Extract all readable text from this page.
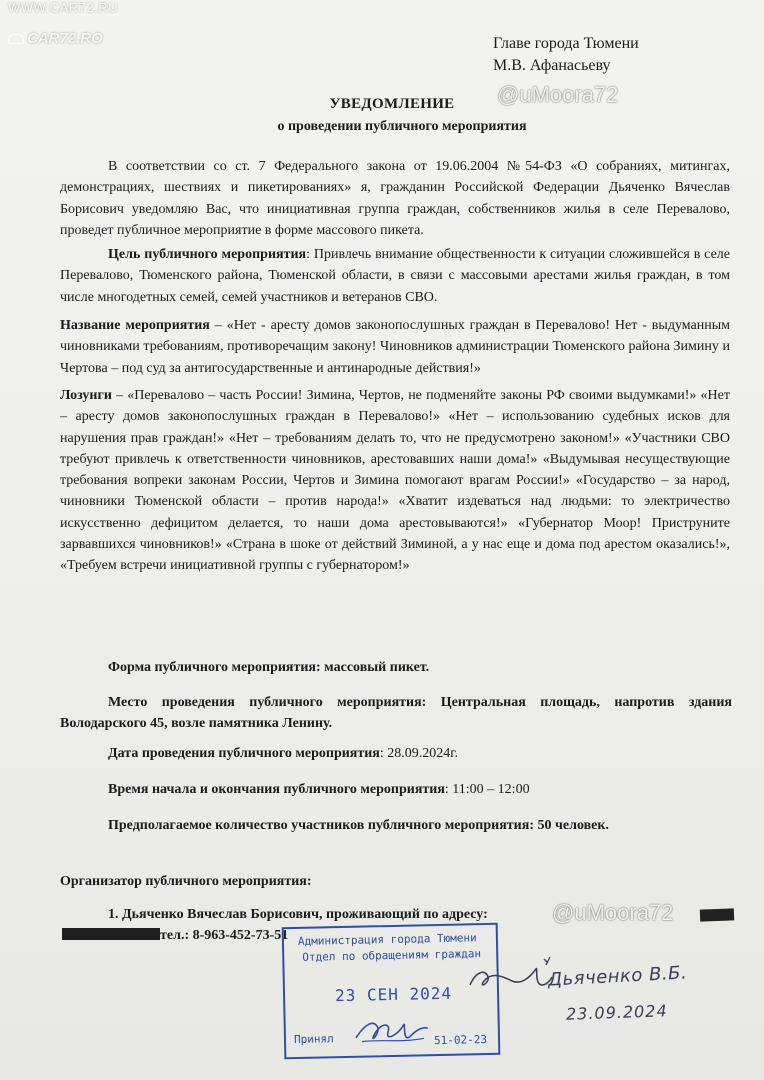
WWW.CAR72.RU
CAR72.RO
@uMoora72
Главе города Тюмени
М.В. Афанасьеву
УВЕДОМЛЕНИЕ
о проведении публичного мероприятия
В соответствии со ст. 7 Федерального закона от 19.06.2004 №54-ФЗ «О собраниях, митингах, демонстрациях, шествиях и пикетированиях» я, гражданин Российской Федерации Дьяченко Вячеслав Борисович уведомляю Вас, что инициативная группа граждан, собственников жилья в селе Перевалово, проведет публичное мероприятие в форме массового пикета.
Цель публичного мероприятия: Привлечь внимание общественности к ситуации сложившейся в селе Перевалово, Тюменского района, Тюменской области, в связи с массовыми арестами жилья граждан, в том числе многодетных семей, семей участников и ветеранов СВО.
Название мероприятия – «Нет - аресту домов законопослушных граждан в Перевалово! Нет - выдуманным чиновниками требованиям, противоречащим закону! Чиновников администрации Тюменского района Зимину и Чертова – под суд за антигосударственные и антинародные действия!»
Лозунги – «Перевалово – часть России! Зимина, Чертов, не подменяйте законы РФ своими выдумками!» «Нет – аресту домов законопослушных граждан в Перевалово!» «Нет – использованию судебных исков для нарушения прав граждан!» «Нет – требованиям делать то, что не предусмотрено законом!» «Участники СВО требуют привлечь к ответственности чиновников, арестовавших наши дома!» «Выдумывая несуществующие требования вопреки законам России, Чертов и Зимина помогают врагам России!» «Государство – за народ, чиновники Тюменской области – против народа!» «Хватит издеваться над людьми: то электричество искусственно дефицитом делается, то наши дома арестовываются!» «Губернатор Моор! Приструните зарвавшихся чиновников!» «Страна в шоке от действий Зиминой, а у нас еще и дома под арестом оказались!», «Требуем встречи инициативной группы с губернатором!»
Форма публичного мероприятия: массовый пикет.
Место проведения публичного мероприятия: Центральная площадь, напротив здания Володарского 45, возле памятника Ленину.
Дата проведения публичного мероприятия: 28.09.2024г.
Время начала и окончания публичного мероприятия: 11:00 – 12:00
Предполагаемое количество участников публичного мероприятия: 50 человек.
Организатор публичного мероприятия:
1. Дьяченко Вячеслав Борисович, проживающий по адресу:
тел.: 8-963-452-73-51
@uMoora72
Администрация города Тюмени
Отдел по обращениям граждан
23 СЕН 2024
Принял	51-02-23
Дьяченко В.Б.
23.09.2024
